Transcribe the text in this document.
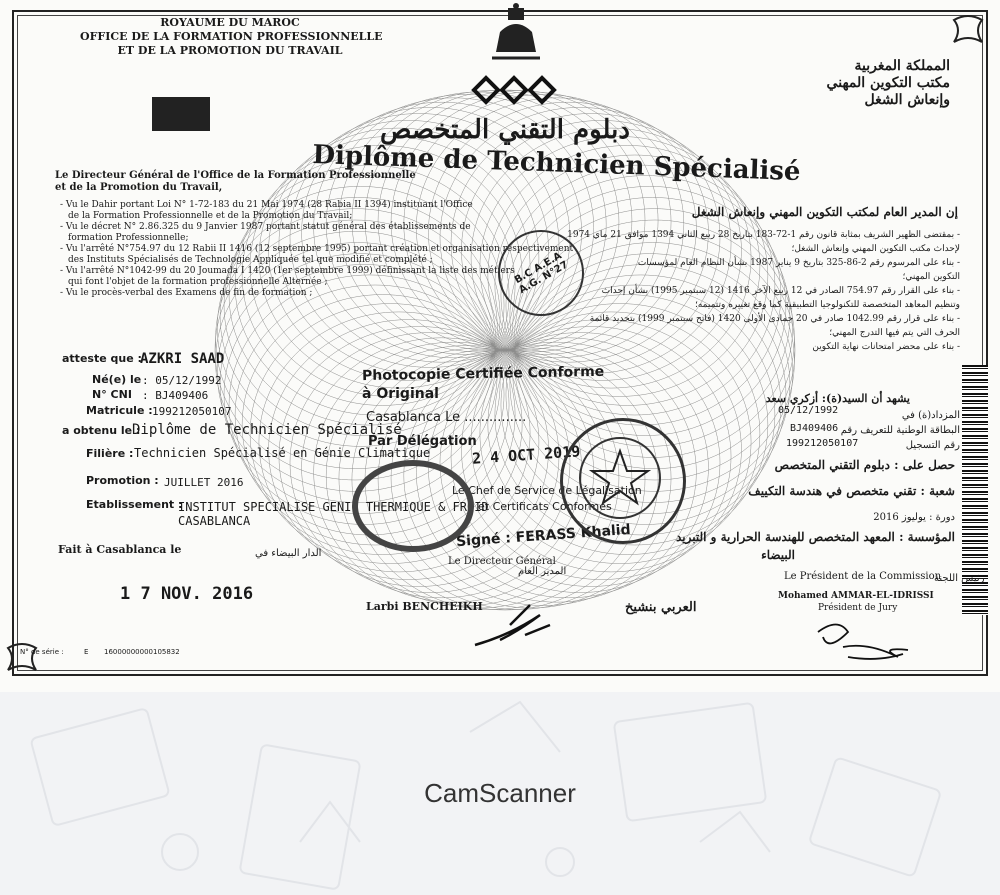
ROYAUME DU MAROC
OFFICE DE LA FORMATION PROFESSIONNELLE
ET DE LA PROMOTION DU TRAVAIL
المملكة المغربية
مكتب التكوين المهني
وإنعاش الشغل
دبلوم التقني المتخصص
Diplôme de Technicien Spécialisé
Le Directeur Général de l'Office de la Formation Professionnelle
et de la Promotion du Travail,
- Vu le Dahir portant Loi N° 1-72-183 du 21 Mai 1974 (28 Rabia II 1394) instituant l'Office
de la Formation Professionnelle et de la Promotion du Travail;
- Vu le décret N° 2.86.325 du 9 Janvier 1987 portant statut général des établissements de
formation Professionnelle;
- Vu l'arrêté N°754.97 du 12 Rabii II 1416 (12 septembre 1995) portant création et organisation respectivement
des Instituts Spécialisés de Technologie Appliquée tel que modifié et complété ;
- Vu l'arrêté N°1042-99 du 20 Joumada I 1420 (1er septembre 1999) définissant la liste des métiers
qui font l'objet de la formation professionnelle Alternée ;
- Vu le procès-verbal des Examens de fin de formation ;
إن المدير العام لمكتب التكوين المهني وإنعاش الشغل
- بمقتضى الظهير الشريف بمثابة قانون رقم 1-72-183 بتاريخ 28 ربيع الثاني 1394 موافق 21 ماي 1974
لإحداث مكتب التكوين المهني وإنعاش الشغل؛
- بناء على المرسوم رقم 2-86-325 بتاريخ 9 يناير 1987 بشأن النظام العام لمؤسسات
التكوين المهني؛
- بناء على القرار رقم 754.97 الصادر في 12 ربيع الآخر 1416 (12 سبتمبر 1995) بشأن إحداث
وتنظيم المعاهد المتخصصة للتكنولوجيا التطبيقية كما وقع تغييره وتتميمه؛
- بناء على قرار رقم 1042.99 صادر في 20 جمادى الأولى 1420 (فاتح سبتمبر 1999) بتحديد قائمة
الحرف التي يتم فيها التدرج المهني؛
- بناء على محضر امتحانات نهاية التكوين
atteste que :
AZKRI SAAD
Né(e) le : 05/12/1992
N° CNI : BJ409406
Matricule : 199212050107
a obtenu le :
Diplôme de Technicien Spécialisé
Filière : Technicien Spécialisé en Génie Climatique
Promotion : JUILLET 2016
Etablissement :
INSTITUT SPECIALISE GENIE THERMIQUE & FROID
CASABLANCA
Fait à Casablanca le
1 7 NOV. 2016
يشهد أن السيد(ة): أزكري سعد
المزداد(ة) في
05/12/1992
البطاقة الوطنية للتعريف رقم
BJ409406
رقم التسجيل
199212050107
حصل على : دبلوم التقني المتخصص
شعبة : تقني متخصص في هندسة التكييف
دورة : يوليوز 2016
المؤسسة : المعهد المتخصص للهندسة الحرارية و التبريد
البيضاء
الدار البيضاء في
Photocopie Certifiée Conforme
à Original
Casablanca Le ...............
Par Délégation
2 4 OCT 2019
Le Chef de Service de Légalisation
et Certificats Conformes
Signé : FERASS Khalid
B.C A.E.A A.G. N°27
Le Directeur Général
المدير العام
Larbi BENCHEIKH	العربي بنشيخ
Le Président de la Commission
رئيس اللجنة
Mohamed AMMAR-EL-IDRISSI
Président de Jury
N° de série :	E 16000000000105832
CamScanner
